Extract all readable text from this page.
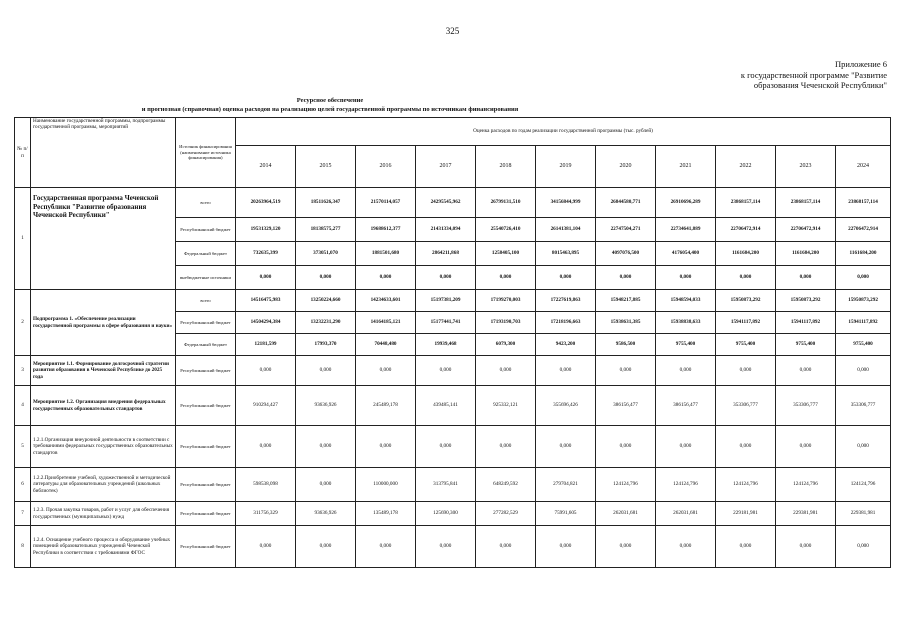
325
Приложение 6
к государственной программе "Развитие
образования Чеченской Республики"
Ресурсное обеспечение
и прогнозная (справочная) оценка расходов на реализацию целей государственной программы по источникам финансирования
№ п/п	Наименование государственной программы, подпрограммы государственной программы, мероприятий	Источник финансирования (наименование источника финансирования)	Оценка расходов по годам реализации государственной программы (тыс. рублей)										
			2014	2015	2016	2017	2018	2019	2020	2021	2022	2023	2024
1	Государственная программа Чеченской Республики "Развитие образования Чеченской Республики"	всего	20263964,519	18511626,347	21570114,057	24295545,962	26799131,510	34156844,999	26844580,771	26910696,289	23868157,114	23868157,114	23868157,114
		Республиканский бюджет	19531329,120	18138575,277	19688612,377	21431334,094	25540726,410	26141381,104	22747504,271	22734641,889	22706472,914	22706472,914	22706472,914
		Федеральный бюджет	732635,399	373051,070	1881501,680	2864211,868	1258405,100	8015463,895	4097076,500	4176054,400	1161684,200	1161684,200	1161684,200
		внебюджетные источники	0,000	0,000	0,000	0,000	0,000	0,000	0,000	0,000	0,000	0,000	0,000
2	Подпрограмма 1. «Обеспечение реализации государственной программы в сфере образования и науки»	всего	14516475,983	13250224,660	14234633,601	15197381,209	17199270,003	17227619,863	15948217,885	15948594,033	15950873,292	15950873,292	15950873,292
		Республиканский бюджет	14504294,384	13232231,290	14164185,121	15177441,741	17193190,703	17218196,663	15938631,385	15938838,633	15941117,892	15941117,892	15941117,892
		Федеральный бюджет	12181,599	17993,370	70448,480	19939,468	6079,300	9423,200	9586,500	9755,400	9755,400	9755,400	9755,400
3	Мероприятие 1.1. Формирование долгосрочной стратегии развития образования в Чеченской Республике до 2025 года	Республиканский бюджет	0,000	0,000	0,000	0,000	0,000	0,000	0,000	0,000	0,000	0,000	0,000
4	Мероприятие 1.2. Организация внедрения федеральных государственных образовательных стандартов	Республиканский бюджет	910294,427	93636,926	245489,178	439485,141	925332,121	355696,426	386156,477	386156,477	353306,777	353306,777	353306,777
5	1.2.1.Организация внеурочной деятельности в соответствии с требованиями федеральных государственных образовательных стандартов	Республиканский бюджет	0,000	0,000	0,000	0,000	0,000	0,000	0,000	0,000	0,000	0,000	0,000
6	1.2.2.Приобретение учебной, художественной и методической литературы для образовательных учреждений (школьных библиотек)	Республиканский бюджет	598538,098	0,000	110000,000	313795,841	648249,592	279704,821	124124,796	124124,796	124124,796	124124,796	124124,796
7	1.2.3. Прочая закупка товаров, работ и услуг для обеспечения государственных (муниципальных) нужд	Республиканский бюджет	311756,329	93636,926	135489,178	125690,300	277282,529	75991,605	262031,681	262031,681	229181,981	229381,981	229381,981
8	1.2.4. Оснащение учебного процесса и оборудование учебных помещений образовательных учреждений Чеченской Республики в соответствии с требованиями ФГОС	Республиканский бюджет	0,000	0,000	0,000	0,000	0,000	0,000	0,000	0,000	0,000	0,000	0,000
